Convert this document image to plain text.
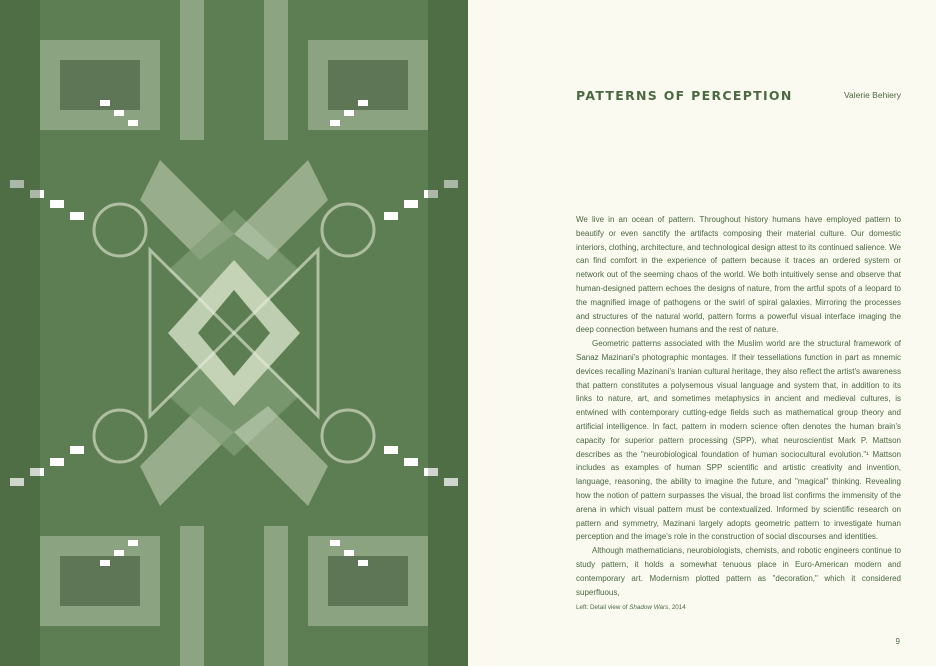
PATTERNS OF PERCEPTION	Valerie Behiery

We live in an ocean of pattern. Throughout history humans have employed pattern to beautify or even sanctify the artifacts composing their material culture. Our domestic interiors, clothing, architecture, and technological design attest to its continued salience. We can find comfort in the experience of pattern because it traces an ordered system or network out of the seeming chaos of the world. We both intuitively sense and observe that human-designed pattern echoes the designs of nature, from the artful spots of a leopard to the magnified image of pathogens or the swirl of spiral galaxies. Mirroring the processes and structures of the natural world, pattern forms a powerful visual interface imaging the deep connection between humans and the rest of nature.

Geometric patterns associated with the Muslim world are the structural framework of Sanaz Mazinani's photographic montages. If their tessellations function in part as mnemic devices recalling Mazinani's Iranian cultural heritage, they also reflect the artist's awareness that pattern constitutes a polysemous visual language and system that, in addition to its links to nature, art, and sometimes metaphysics in ancient and medieval cultures, is entwined with contemporary cutting-edge fields such as mathematical group theory and artificial intelligence. In fact, pattern in modern science often denotes the human brain's capacity for superior pattern processing (SPP), what neuroscientist Mark P. Mattson describes as the "neurobiological foundation of human sociocultural evolution."¹ Mattson includes as examples of human SPP scientific and artistic creativity and invention, language, reasoning, the ability to imagine the future, and "magical" thinking. Revealing how the notion of pattern surpasses the visual, the broad list confirms the immensity of the arena in which visual pattern must be contextualized. Informed by scientific research on pattern and symmetry, Mazinani largely adopts geometric pattern to investigate human perception and the image's role in the construction of social discourses and identities.

Although mathematicians, neurobiologists, chemists, and robotic engineers continue to study pattern, it holds a somewhat tenuous place in Euro-American modern and contemporary art. Modernism plotted pattern as "decoration," which it considered superfluous,

Left: Detail view of Shadow Wars, 2014
9
